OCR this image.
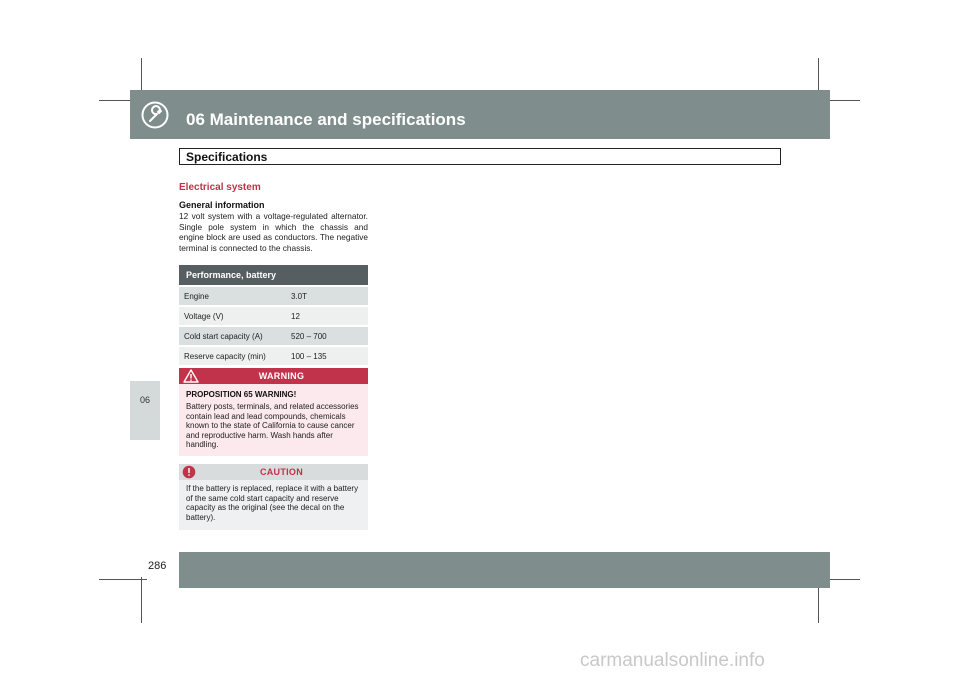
06 Maintenance and specifications
Specifications
06
Electrical system
General information
12 volt system with a voltage-regulated alternator. Single pole system in which the chassis and engine block are used as conductors. The negative terminal is connected to the chassis.
Performance, battery
Engine	3.0T
Voltage (V)	12
Cold start capacity (A)	520 – 700
Reserve capacity (min)	100 – 135
WARNING
PROPOSITION 65 WARNING!
Battery posts, terminals, and related accessories contain lead and lead compounds, chemicals known to the state of California to cause cancer and reproductive harm. Wash hands after handling.
CAUTION
If the battery is replaced, replace it with a battery of the same cold start capacity and reserve capacity as the original (see the decal on the battery).
286
carmanualsonline.info
